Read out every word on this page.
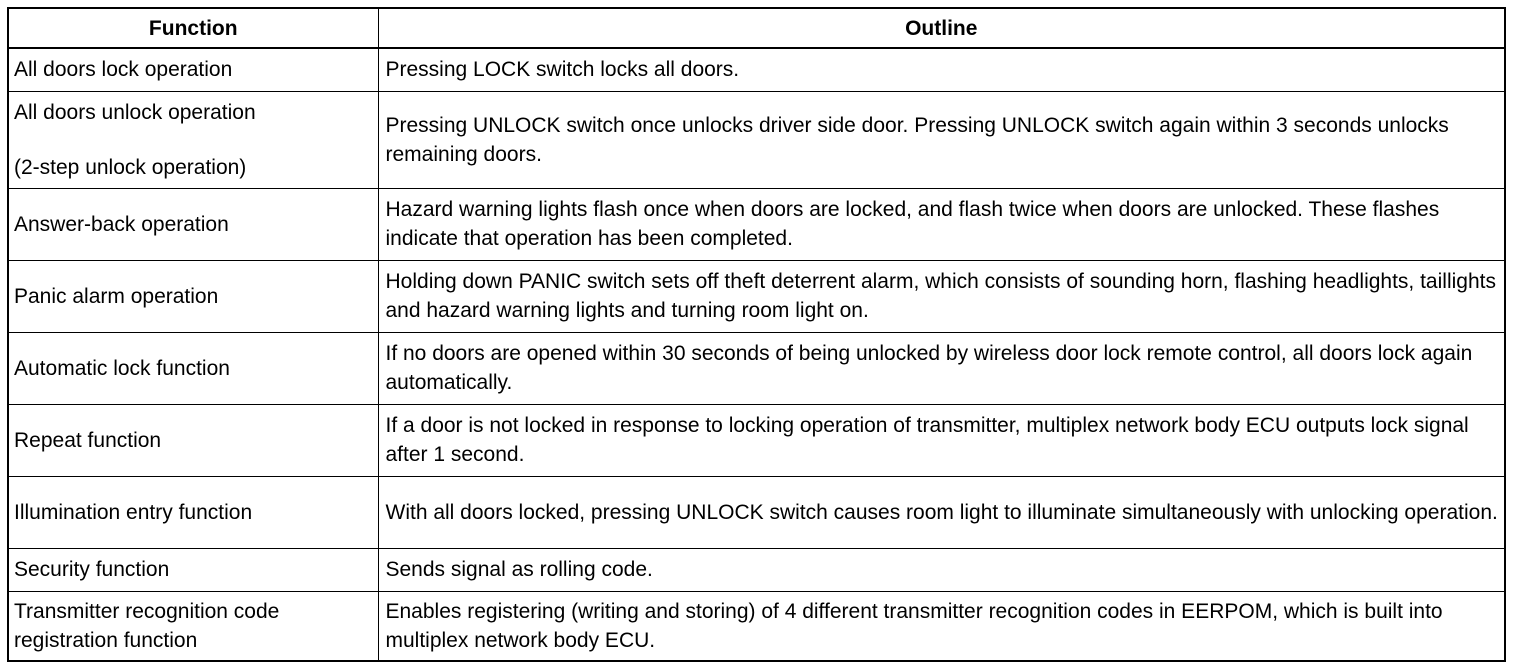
Function	Outline
All doors lock operation	Pressing LOCK switch locks all doors.

All doors unlock operation
(2-step unlock operation)	Pressing UNLOCK switch once unlocks driver side door. Pressing UNLOCK switch again within 3 seconds unlocks remaining doors.
Answer-back operation	Hazard warning lights flash once when doors are locked, and flash twice when doors are unlocked. These flashes indicate that operation has been completed.
Panic alarm operation	Holding down PANIC switch sets off theft deterrent alarm, which consists of sounding horn, flashing headlights, taillights and hazard warning lights and turning room light on.
Automatic lock function	If no doors are opened within 30 seconds of being unlocked by wireless door lock remote control, all doors lock again automatically.
Repeat function	If a door is not locked in response to locking operation of transmitter, multiplex network body ECU outputs lock signal after 1 second.
Illumination entry function	With all doors locked, pressing UNLOCK switch causes room light to illuminate simultaneously with unlocking operation.
Security function	Sends signal as rolling code.
Transmitter recognition code registration function	Enables registering (writing and storing) of 4 different transmitter recognition codes in EERPOM, which is built into multiplex network body ECU.
